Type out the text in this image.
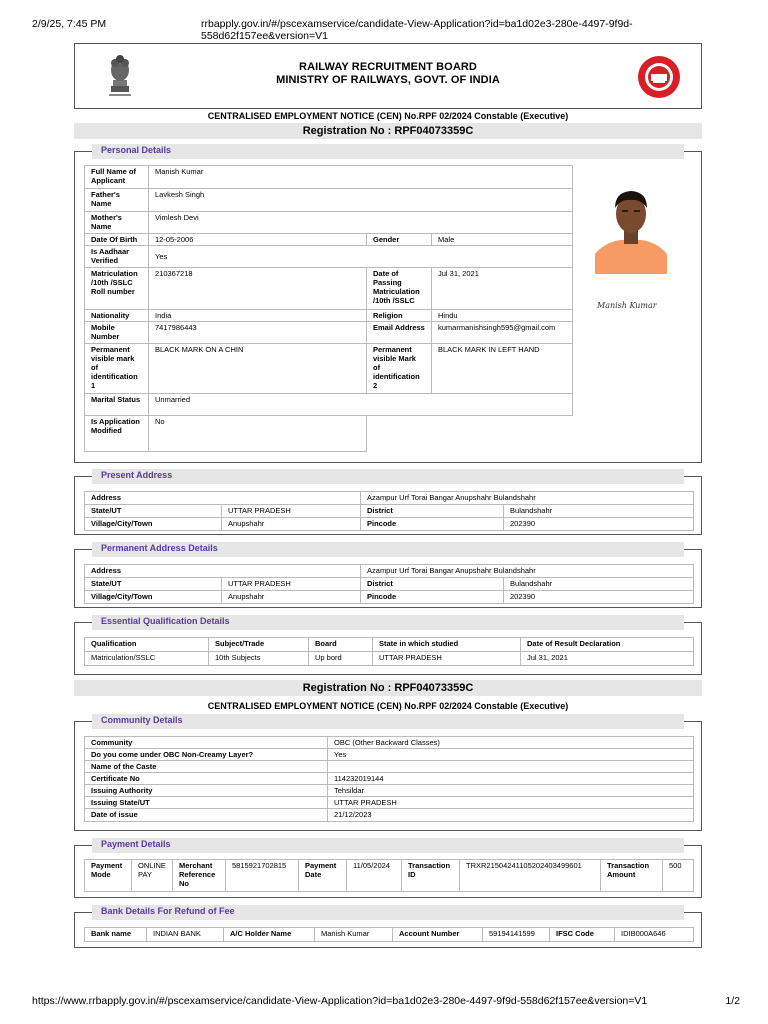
2/9/25, 7:45 PM	rrbapply.gov.in/#/pscexamservice/candidate-View-Application?id=ba1d02e3-280e-4497-9f9d-558d62f157ee&version=V1
RAILWAY RECRUITMENT BOARD
MINISTRY OF RAILWAYS, GOVT. OF INDIA
CENTRALISED EMPLOYMENT NOTICE (CEN) No.RPF 02/2024 Constable (Executive)
Registration No : RPF04073359C
Personal Details
Full Name of Applicant	Manish Kumar		
Father's Name	Lavkesh Singh		
Mother's Name	Vimlesh Devi		
Date Of Birth	12-05-2006	Gender	Male
Is Aadhaar Verified	Yes		
Matriculation /10th /SSLC Roll number	210367218	Date of Passing Matriculation /10th /SSLC	Jul 31, 2021
Nationality	India	Religion	Hindu
Mobile Number	7417986443	Email Address	kumarmanishsingh595@gmail.com
Permanent visible mark of identification 1	BLACK MARK ON A CHIN	Permanent visible Mark of identification 2	BLACK MARK IN LEFT HAND
Marital Status	Unmarried		
Is Application Modified	No		
Manish Kumar
Present Address
Address		Azampur Urf Torai Bangar Anupshahr Bulandshahr	
State/UT	UTTAR PRADESH	District	Bulandshahr
Village/City/Town	Anupshahr	Pincode	202390
Permanent Address Details
Address		Azampur Urf Torai Bangar Anupshahr Bulandshahr	
State/UT	UTTAR PRADESH	District	Bulandshahr
Village/City/Town	Anupshahr	Pincode	202390
Essential Qualification Details
Qualification	Subject/Trade	Board	State in which studied	Date of Result Declaration
Matriculation/SSLC	10th Subjects	Up bord	UTTAR PRADESH	Jul 31, 2021
Registration No : RPF04073359C
CENTRALISED EMPLOYMENT NOTICE (CEN) No.RPF 02/2024 Constable (Executive)
Community Details
Community	OBC (Other Backward Classes)
Do you come under OBC Non-Creamy Layer?	Yes
Name of the Caste	
Certificate No	114232019144
Issuing Authority	Tehsildar
Issuing State/UT	UTTAR PRADESH
Date of issue	21/12/2023
Payment Details
Payment Mode	ONLINE PAY	Merchant Reference No	5815921702815	Payment Date	11/05/2024	Transaction ID	TRXR21504241105202403499601	Transaction Amount	500
Bank Details For Refund of Fee
Bank name	INDIAN BANK	A/C Holder Name	Manish Kumar	Account Number	59194141599	IFSC Code	IDIB000A646
https://www.rrbapply.gov.in/#/pscexamservice/candidate-View-Application?id=ba1d02e3-280e-4497-9f9d-558d62f157ee&version=V1	1/2
